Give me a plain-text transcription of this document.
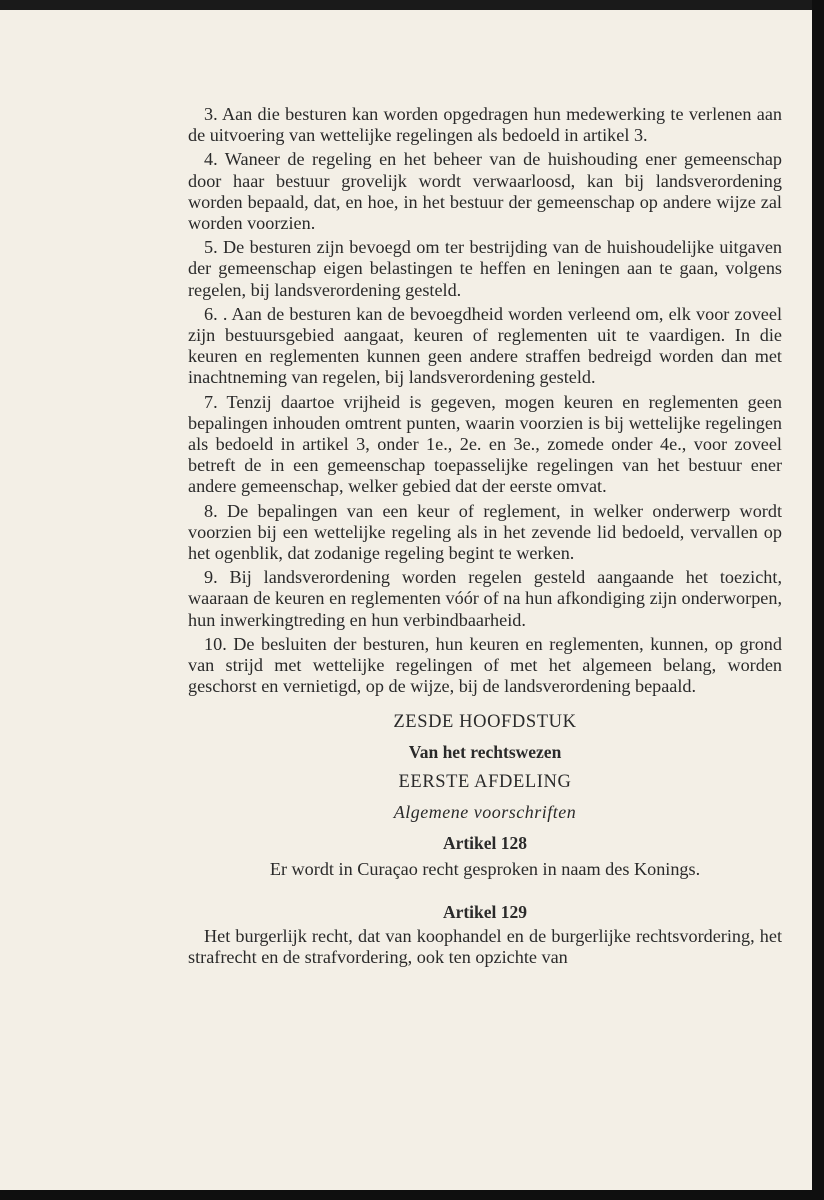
3. Aan die besturen kan worden opgedragen hun medewerking te verlenen aan de uitvoering van wettelijke regelingen als bedoeld in artikel 3.

4. Waneer de regeling en het beheer van de huishouding ener gemeenschap door haar bestuur grovelijk wordt verwaarloosd, kan bij landsverordening worden bepaald, dat, en hoe, in het bestuur der gemeenschap op andere wijze zal worden voorzien.

5. De besturen zijn bevoegd om ter bestrijding van de huishoudelijke uitgaven der gemeenschap eigen belastingen te heffen en leningen aan te gaan, volgens regelen, bij landsverordening gesteld.

6. . Aan de besturen kan de bevoegdheid worden verleend om, elk voor zoveel zijn bestuursgebied aangaat, keuren of reglementen uit te vaardigen. In die keuren en reglementen kunnen geen andere straffen bedreigd worden dan met inachtneming van regelen, bij landsverordening gesteld.

7. Tenzij daartoe vrijheid is gegeven, mogen keuren en reglementen geen bepalingen inhouden omtrent punten, waarin voorzien is bij wettelijke regelingen als bedoeld in artikel 3, onder 1e., 2e. en 3e., zomede onder 4e., voor zoveel betreft de in een gemeenschap toepasselijke regelingen van het bestuur ener andere gemeenschap, welker gebied dat der eerste omvat.

8. De bepalingen van een keur of reglement, in welker onderwerp wordt voorzien bij een wettelijke regeling als in het zevende lid bedoeld, vervallen op het ogenblik, dat zodanige regeling begint te werken.

9. Bij landsverordening worden regelen gesteld aangaande het toezicht, waaraan de keuren en reglementen vóór of na hun afkondiging zijn onderworpen, hun inwerkingtreding en hun verbindbaarheid.

10. De besluiten der besturen, hun keuren en reglementen, kunnen, op grond van strijd met wettelijke regelingen of met het algemeen belang, worden geschorst en vernietigd, op de wijze, bij de landsverordening bepaald.

ZESDE HOOFDSTUK

Van het rechtswezen

EERSTE AFDELING

Algemene voorschriften

Artikel 128

Er wordt in Curaçao recht gesproken in naam des Konings.

Artikel 129

Het burgerlijk recht, dat van koophandel en de burgerlijke rechtsvordering, het strafrecht en de strafvordering, ook ten opzichte van
